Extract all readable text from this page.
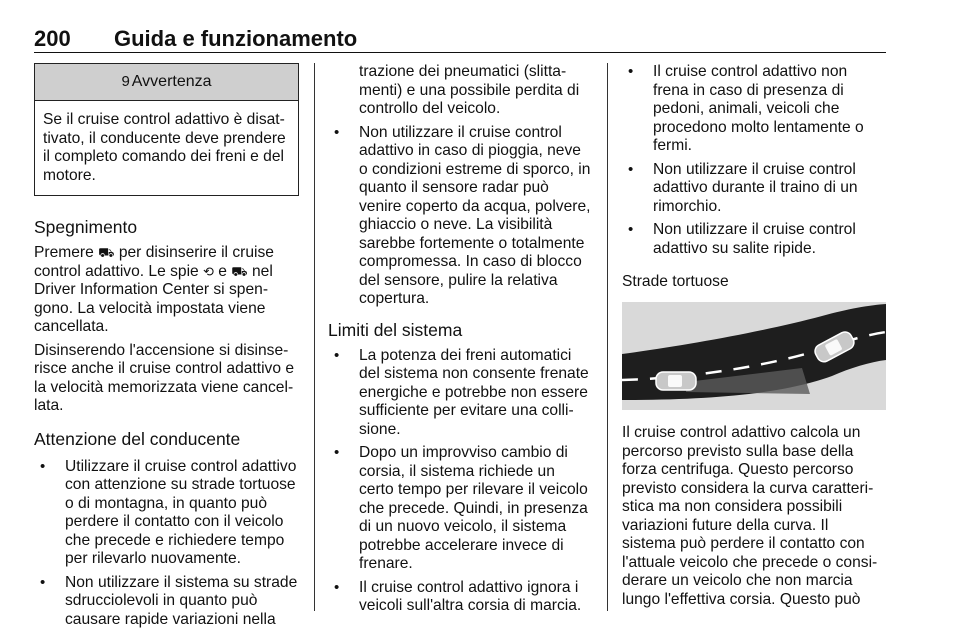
200 Guida e funzionamento
9 Avvertenza
Se il cruise control adattivo è disattivato, il conducente deve prendere il completo comando dei freni e del motore.
Spegnimento

Premere ⛟ per disinserire il cruise control adattivo. Le spie ⟲ e ⛟ nel Driver Information Center si spengono. La velocità impostata viene cancellata.

Disinserendo l'accensione si disinserisce anche il cruise control adattivo e la velocità memorizzata viene cancellata.

Attenzione del conducente
• Utilizzare il cruise control adattivo con attenzione su strade tortuose o di montagna, in quanto può perdere il contatto con il veicolo che precede e richiedere tempo per rilevarlo nuovamente.
• Non utilizzare il sistema su strade sdrucciolevoli in quanto può causare rapide variazioni nella

trazione dei pneumatici (slittamenti) e una possibile perdita di controllo del veicolo.

• Non utilizzare il cruise control adattivo in caso di pioggia, neve o condizioni estreme di sporco, in quanto il sensore radar può venire coperto da acqua, polvere, ghiaccio o neve. La visibilità sarebbe fortemente o totalmente compromessa. In caso di blocco del sensore, pulire la relativa copertura.
Limiti del sistema
• La potenza dei freni automatici del sistema non consente frenate energiche e potrebbe non essere sufficiente per evitare una collisione.
• Dopo un improvviso cambio di corsia, il sistema richiede un certo tempo per rilevare il veicolo che precede. Quindi, in presenza di un nuovo veicolo, il sistema potrebbe accelerare invece di frenare.
• Il cruise control adattivo ignora i veicoli sull'altra corsia di marcia.
• Il cruise control adattivo non frena in caso di presenza di pedoni, animali, veicoli che procedono molto lentamente o fermi.
• Non utilizzare il cruise control adattivo durante il traino di un rimorchio.
• Non utilizzare il cruise control adattivo su salite ripide.
Strade tortuose

Il cruise control adattivo calcola un percorso previsto sulla base della forza centrifuga. Questo percorso previsto considera la curva caratteristica ma non considera possibili variazioni future della curva. Il sistema può perdere il contatto con l'attuale veicolo che precede o considerare un veicolo che non marcia lungo l'effettiva corsia. Questo può
